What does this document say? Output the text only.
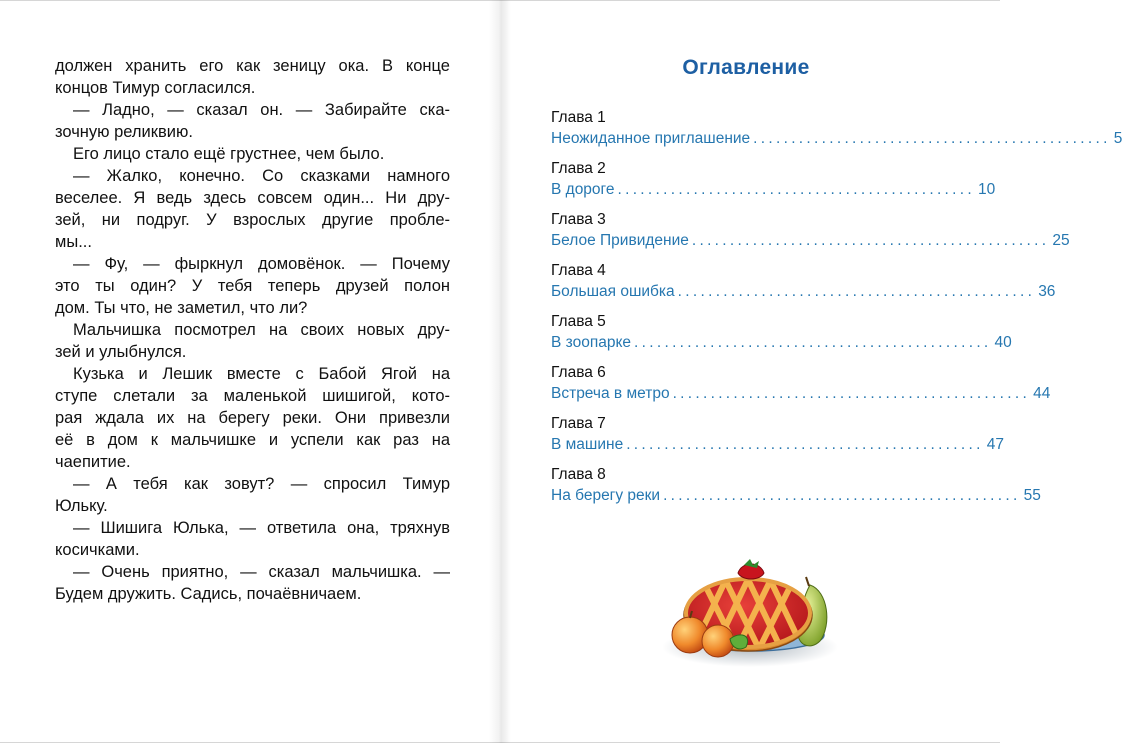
должен хранить его как зеницу ока. В конце
концов Тимур согласился.
— Ладно, — сказал он. — Забирайте ска-
зочную реликвию.
Его лицо стало ещё грустнее, чем было.
— Жалко, конечно. Со сказками намного
веселее. Я ведь здесь совсем один... Ни дру-
зей, ни подруг. У взрослых другие пробле-
мы...
— Фу, — фыркнул домовёнок. — Почему
это ты один? У тебя теперь друзей полон
дом. Ты что, не заметил, что ли?
Мальчишка посмотрел на своих новых дру-
зей и улыбнулся.
Кузька и Лешик вместе с Бабой Ягой на
ступе слетали за маленькой шишигой, кото-
рая ждала их на берегу реки. Они привезли
её в дом к мальчишке и успели как раз на
чаепитие.
— А тебя как зовут? — спросил Тимур
Юльку.
— Шишига Юлька, — ответила она, тряхнув
косичками.
— Очень приятно, — сказал мальчишка. —
Будем дружить. Садись, почаёвничаем.
Оглавление
Глава 1
Неожиданное приглашение ............................................... 5
Глава 2
В дороге ............................................... 10
Глава 3
Белое Привидение ............................................... 25
Глава 4
Большая ошибка ............................................... 36
Глава 5
В зоопарке ............................................... 40
Глава 6
Встреча в метро ............................................... 44
Глава 7
В машине ............................................... 47
Глава 8
На берегу реки ............................................... 55
